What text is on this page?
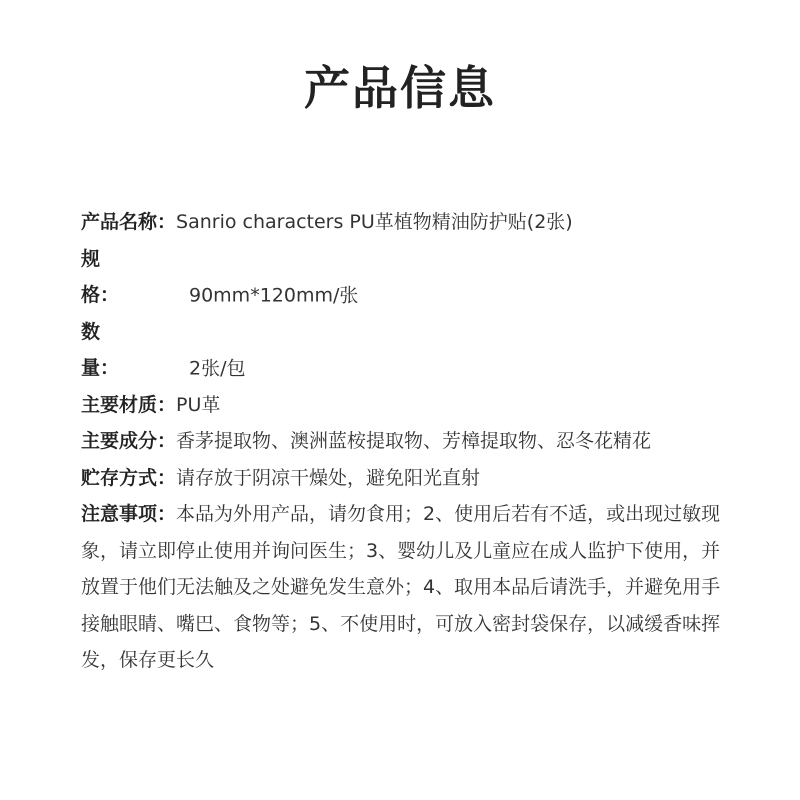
产品信息

产品名称：Sanrio characters PU革植物精油防护贴(2张)

规格：	90mm*120mm/张

数量：	2张/包

主要材质：PU革

主要成分：香茅提取物、澳洲蓝桉提取物、芳樟提取物、忍冬花精花

贮存方式：请存放于阴凉干燥处，避免阳光直射

注意事项：本品为外用产品，请勿食用；2、使用后若有不适，或出现过敏现象，请立即停止使用并询问医生；3、婴幼儿及儿童应在成人监护下使用，并放置于他们无法触及之处避免发生意外；4、取用本品后请洗手，并避免用手接触眼睛、嘴巴、食物等；5、不使用时，可放入密封袋保存，以减缓香味挥发，保存更长久
